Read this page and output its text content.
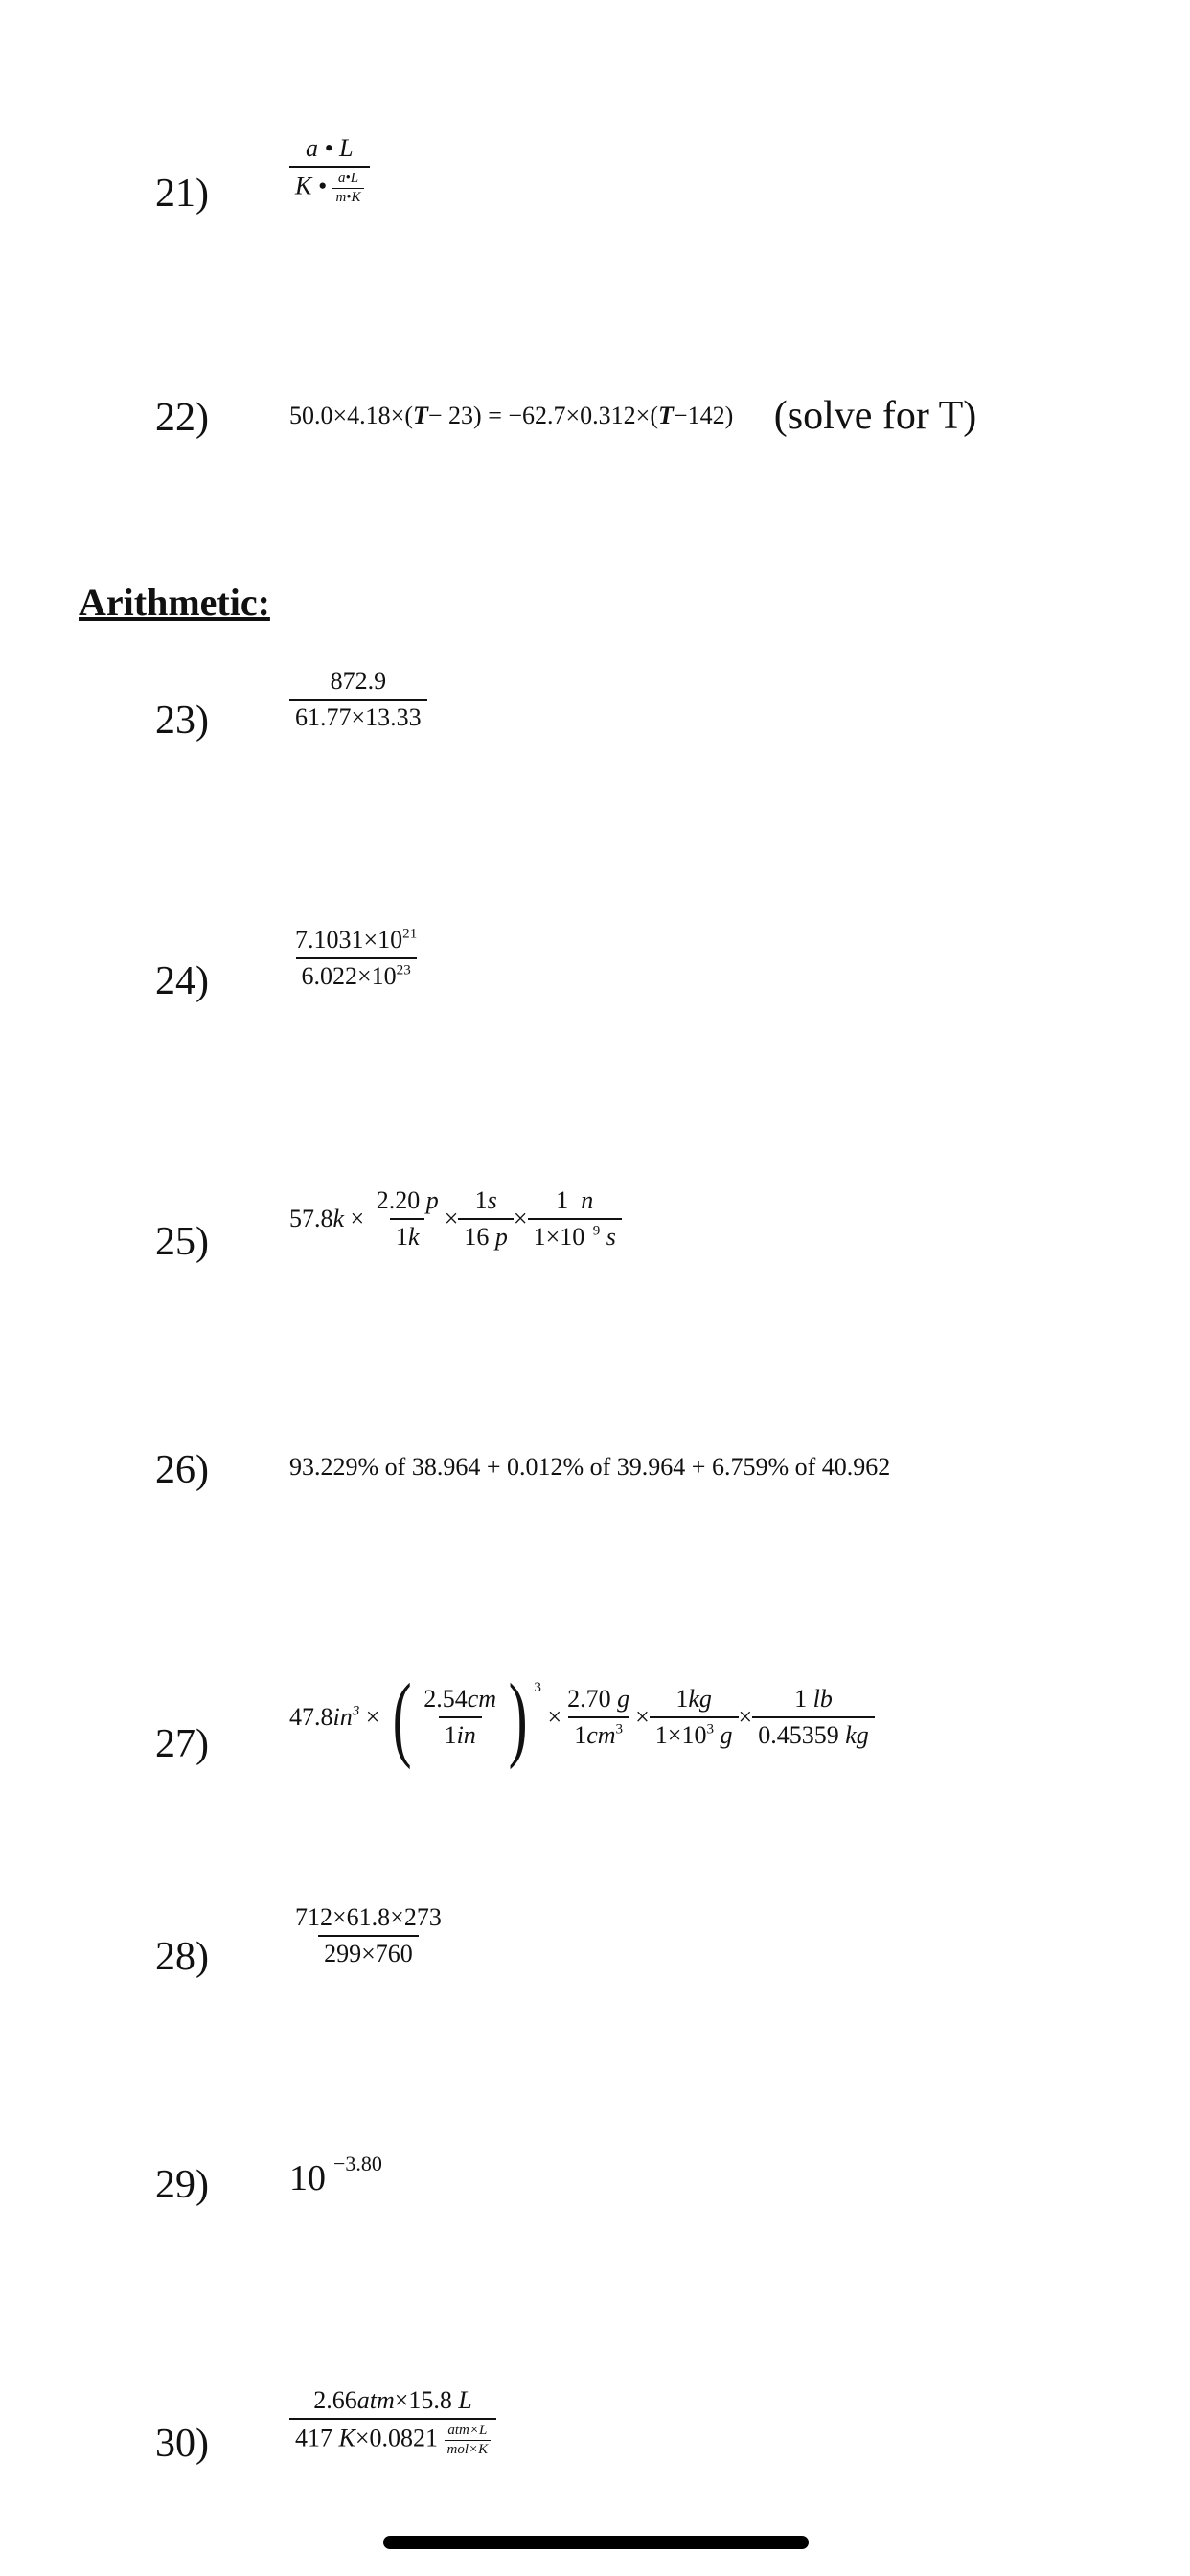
21)	$\frac{a • L}{K • \frac{a•L}{m•K}}$
22)	50.0×4.18×(T− 23) = −62.7×0.312×(T−142) (solve for T)
Arithmetic:
23)	$\frac{872.9}{61.77\times 13.33}$
24)	$\frac{7.1031\times 10^{21}}{6.022\times 10^{23}}$
25)
$57.8k \times \frac{2.20 p}{1k} \times \frac{1s}{16 p} \times \frac{1 n}{1\times 10^{-9} s}$
26)	93.229% of 38.964 + 0.012% of 39.964 + 6.759% of 40.962
27)
$47.8in^3$ × ( $\frac{2.54cm}{1in}$ ) $^3 \times \frac{2.70 g}{1cm^3} \times \frac{1kg}{1\times 10^3 g} \times \frac{1 lb}{0.45359 kg}$
28)	$\frac{712\times 61.8\times 273}{299\times 760}$
29) 10 $^{-3.80}$
30)	$\frac{\text{2.66atm×15.8 L}}{417 K\times 0.0821 \frac{\text{atm×L}}{\text{mol×K}}}$
